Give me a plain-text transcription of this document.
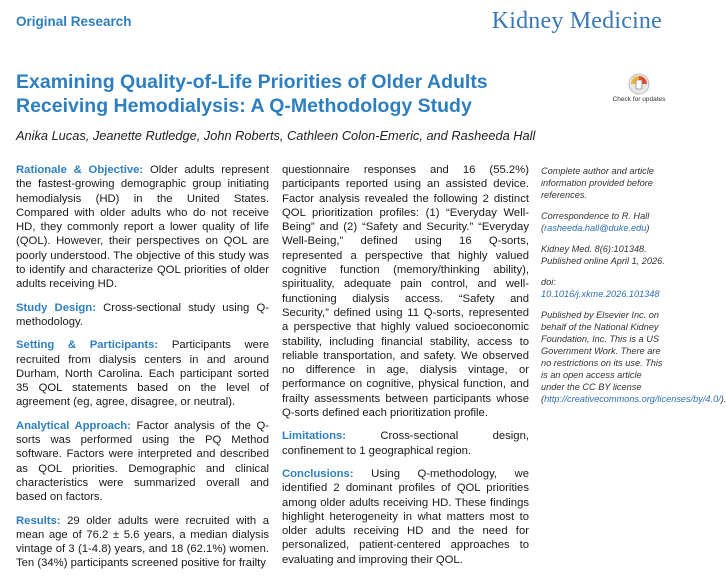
Original Research	Kidney Medicine
Examining Quality-of-Life Priorities of Older Adults Receiving Hemodialysis: A Q-Methodology Study	Check for updates
Anika Lucas, Jeanette Rutledge, John Roberts, Cathleen Colon-Emeric, and Rasheeda Hall

Rationale & Objective: Older adults represent the fastest-growing demographic group initiating hemodialysis (HD) in the United States. Compared with older adults who do not receive HD, they commonly report a lower quality of life (QOL). However, their perspectives on QOL are poorly understood. The objective of this study was to identify and characterize QOL priorities of older adults receiving HD.

Study Design: Cross-sectional study using Q-methodology.

Setting & Participants: Participants were recruited from dialysis centers in and around Durham, North Carolina. Each participant sorted 35 QOL statements based on the level of agreement (eg, agree, disagree, or neutral).

Analytical Approach: Factor analysis of the Q-sorts was performed using the PQ Method software. Factors were interpreted and described as QOL priorities. Demographic and clinical characteristics were summarized overall and based on factors.

Results: 29 older adults were recruited with a mean age of 76.2 ± 5.6 years, a median dialysis vintage of 3 (1-4.8) years, and 18 (62.1%) women. Ten (34%) participants screened positive for frailty

questionnaire responses and 16 (55.2%) participants reported using an assisted device. Factor analysis revealed the following 2 distinct QOL prioritization profiles: (1) “Everyday Well-Being” and (2) “Safety and Security.” “Everyday Well-Being,” defined using 16 Q-sorts, represented a perspective that highly valued cognitive function (memory/thinking ability), spirituality, adequate pain control, and well-functioning dialysis access. “Safety and Security,” defined using 11 Q-sorts, represented a perspective that highly valued socioeconomic stability, including financial stability, access to reliable transportation, and safety. We observed no difference in age, dialysis vintage, or performance on cognitive, physical function, and frailty assessments between participants whose Q-sorts defined each prioritization profile.

Limitations:	Cross-sectional design, confinement to 1 geographical region.

Conclusions: Using Q-methodology, we identified 2 dominant profiles of QOL priorities among older adults receiving HD. These findings highlight heterogeneity in what matters most to older adults receiving HD and the need for personalized, patient-centered approaches to evaluating and improving their QOL.

Complete author and article information provided before references.

Correspondence to R. Hall (rasheeda.hall@duke.edu)

Kidney Med. 8(6):101348. Published online April 1, 2026.

doi: 10.1016/j.xkme.2026.101348

Published by Elsevier Inc. on behalf of the National Kidney Foundation, Inc. This is a US Government Work. There are no restrictions on its use. This is an open access article under the CC BY license (http://creativecommons.org/licenses/by/4.0/).
